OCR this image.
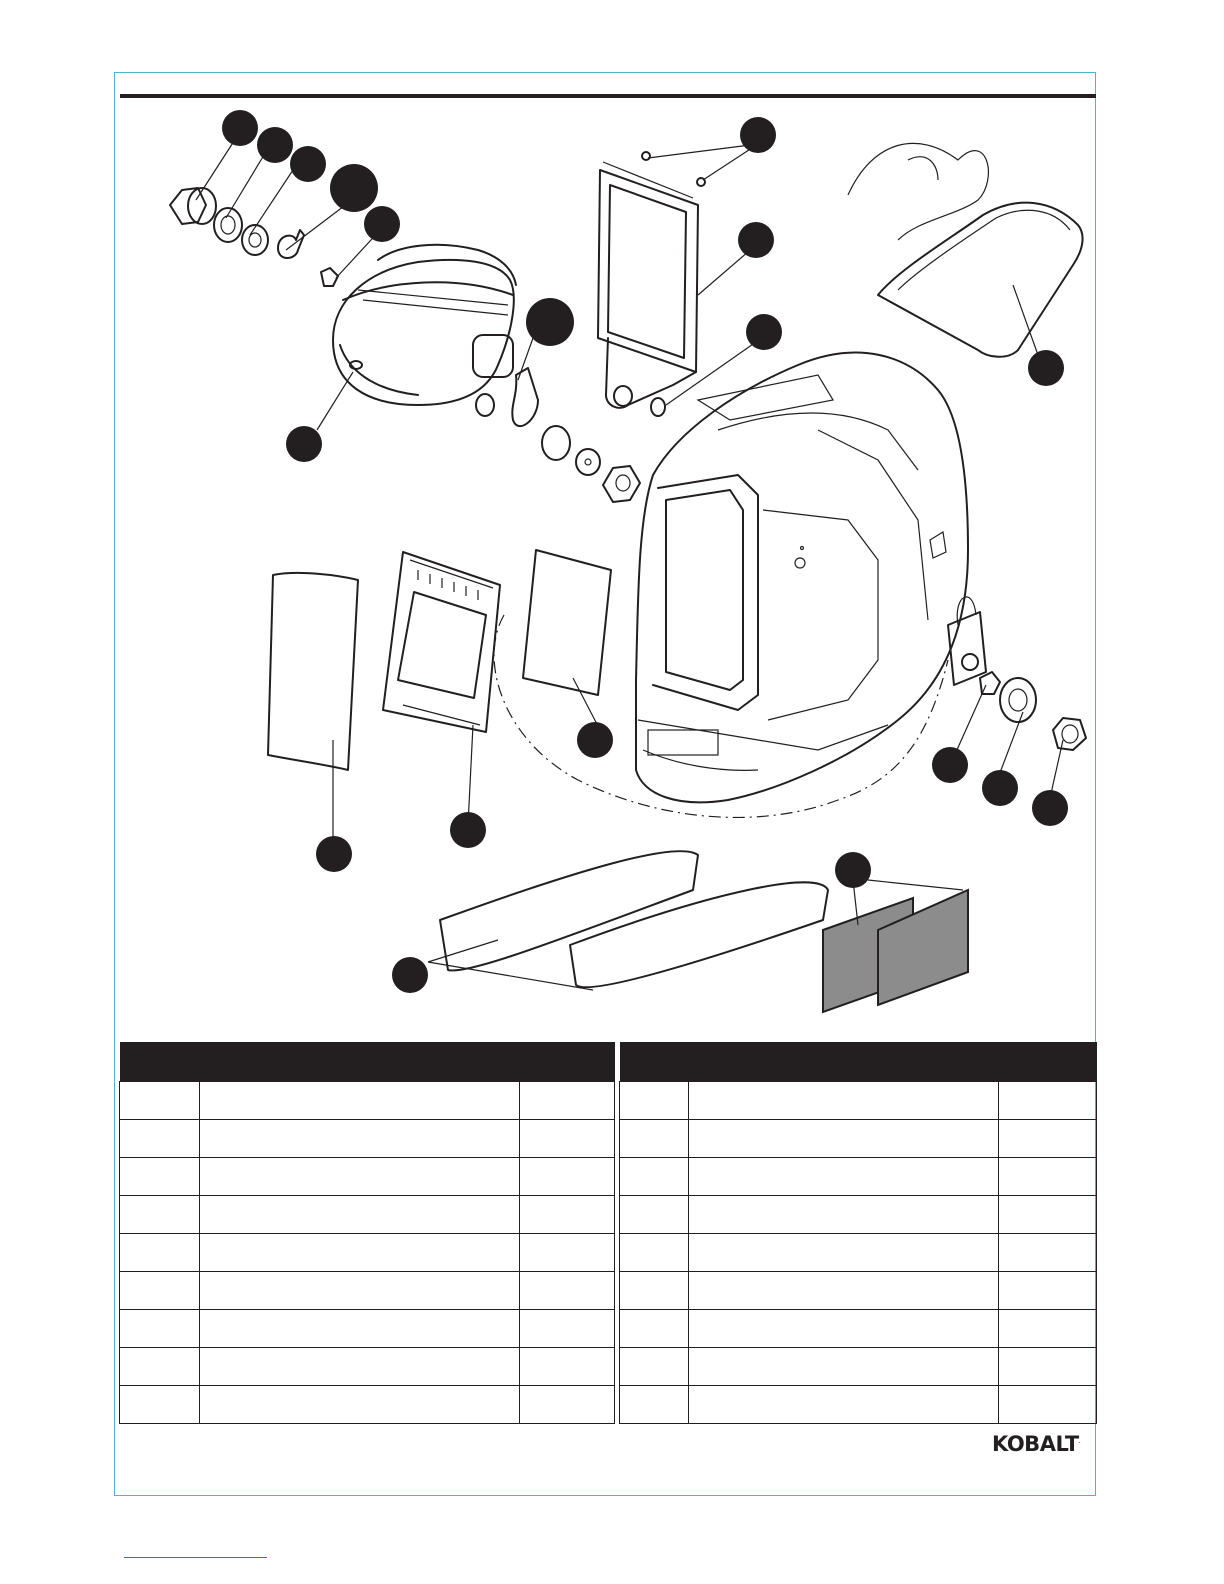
KOBALT.
